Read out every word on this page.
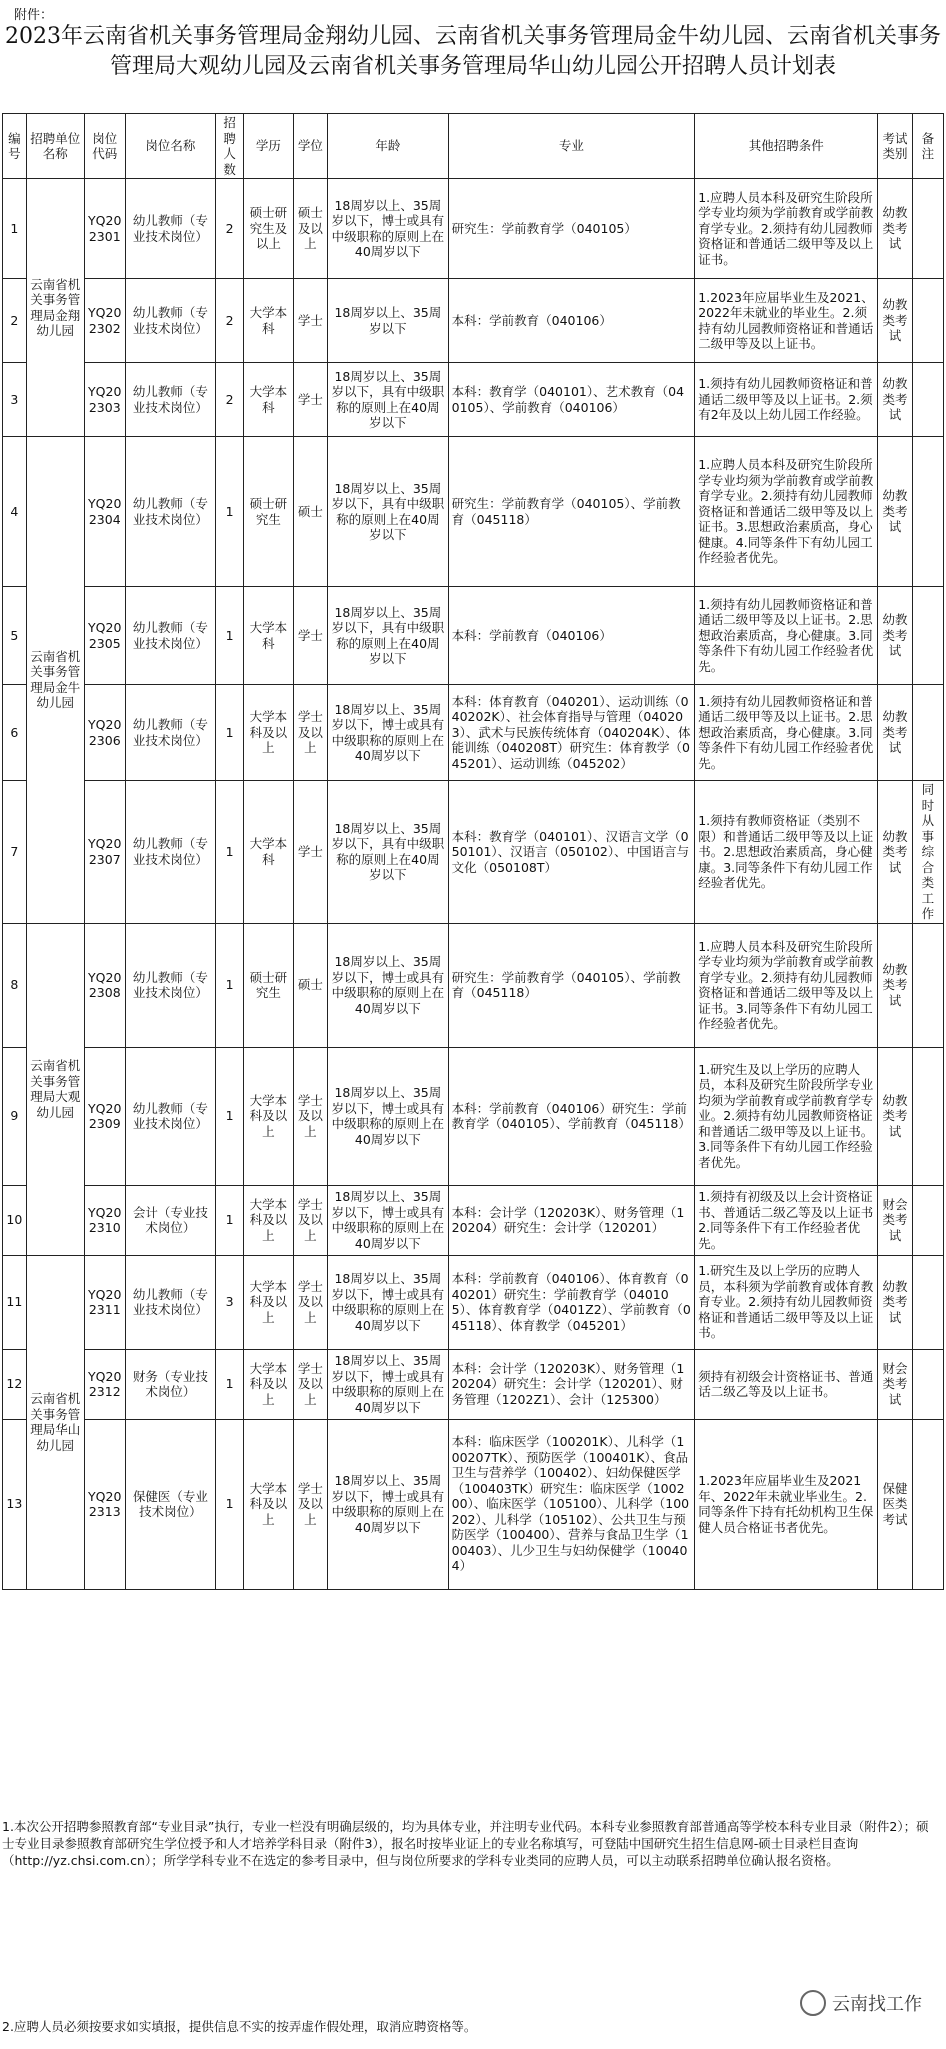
附件：
2023年云南省机关事务管理局金翔幼儿园、云南省机关事务管理局金牛幼儿园、云南省机关事务管理局大观幼儿园及云南省机关事务管理局华山幼儿园公开招聘人员计划表
编号	招聘单位名称	岗位代码	岗位名称	招聘人数	学历	学位	年龄	专业	其他招聘条件	考试类别	备注
1	云南省机关事务管理局金翔幼儿园	YQ202301	幼儿教师（专业技术岗位）	2	硕士研究生及以上	硕士及以上	18周岁以上、35周岁以下，博士或具有中级职称的原则上在40周岁以下	研究生：学前教育学（040105）	1.应聘人员本科及研究生阶段所学专业均须为学前教育或学前教育学专业。2.须持有幼儿园教师资格证和普通话二级甲等及以上证书。	幼教类考试	
2		YQ202302	幼儿教师（专业技术岗位）	2	大学本科	学士	18周岁以上、35周岁以下	本科：学前教育（040106）	1.2023年应届毕业生及2021、2022年未就业的毕业生。2.须持有幼儿园教师资格证和普通话二级甲等及以上证书。	幼教类考试	
3		YQ202303	幼儿教师（专业技术岗位）	2	大学本科	学士	18周岁以上、35周岁以下，具有中级职称的原则上在40周岁以下	本科：教育学（040101）、艺术教育（040105）、学前教育（040106）	1.须持有幼儿园教师资格证和普通话二级甲等及以上证书。2.须有2年及以上幼儿园工作经验。	幼教类考试	
4	云南省机关事务管理局金牛幼儿园	YQ202304	幼儿教师（专业技术岗位）	1	硕士研究生	硕士	18周岁以上、35周岁以下，具有中级职称的原则上在40周岁以下	研究生：学前教育学（040105）、学前教育（045118）	1.应聘人员本科及研究生阶段所学专业均须为学前教育或学前教育学专业。2.须持有幼儿园教师资格证和普通话二级甲等及以上证书。3.思想政治素质高，身心健康。4.同等条件下有幼儿园工作经验者优先。	幼教类考试	
5		YQ202305	幼儿教师（专业技术岗位）	1	大学本科	学士	18周岁以上、35周岁以下，具有中级职称的原则上在40周岁以下	本科：学前教育（040106）	1.须持有幼儿园教师资格证和普通话二级甲等及以上证书。2.思想政治素质高，身心健康。3.同等条件下有幼儿园工作经验者优先。	幼教类考试	
6		YQ202306	幼儿教师（专业技术岗位）	1	大学本科及以上	学士及以上	18周岁以上、35周岁以下，博士或具有中级职称的原则上在40周岁以下	本科：体育教育（040201）、运动训练（040202K）、社会体育指导与管理（040203）、武术与民族传统体育（040204K）、体能训练（040208T）研究生：体育教学（045201）、运动训练（045202）	1.须持有幼儿园教师资格证和普通话二级甲等及以上证书。2.思想政治素质高，身心健康。3.同等条件下有幼儿园工作经验者优先。	幼教类考试	
7		YQ202307	幼儿教师（专业技术岗位）	1	大学本科	学士	18周岁以上、35周岁以下，具有中级职称的原则上在40周岁以下	本科：教育学（040101）、汉语言文学（050101）、汉语言（050102）、中国语言与文化（050108T）	1.须持有教师资格证（类别不限）和普通话二级甲等及以上证书。2.思想政治素质高，身心健康。3.同等条件下有幼儿园工作经验者优先。	幼教类考试	同时从事综合类工作
8	云南省机关事务管理局大观幼儿园	YQ202308	幼儿教师（专业技术岗位）	1	硕士研究生	硕士	18周岁以上、35周岁以下，博士或具有中级职称的原则上在40周岁以下	研究生：学前教育学（040105）、学前教育（045118）	1.应聘人员本科及研究生阶段所学专业均须为学前教育或学前教育学专业。2.须持有幼儿园教师资格证和普通话二级甲等及以上证书。3.同等条件下有幼儿园工作经验者优先。	幼教类考试	
9		YQ202309	幼儿教师（专业技术岗位）	1	大学本科及以上	学士及以上	18周岁以上、35周岁以下，博士或具有中级职称的原则上在40周岁以下	本科：学前教育（040106）研究生：学前教育学（040105）、学前教育（045118）	1.研究生及以上学历的应聘人员，本科及研究生阶段所学专业均须为学前教育或学前教育学专业。2.须持有幼儿园教师资格证和普通话二级甲等及以上证书。3.同等条件下有幼儿园工作经验者优先。	幼教类考试	
10		YQ202310	会计（专业技术岗位）	1	大学本科及以上	学士及以上	18周岁以上、35周岁以下，博士或具有中级职称的原则上在40周岁以下	本科：会计学（120203K）、财务管理（120204）研究生：会计学（120201）	1.须持有初级及以上会计资格证书、普通话二级乙等及以上证书2.同等条件下有工作经验者优先。	财会类考试	
11	云南省机关事务管理局华山幼儿园	YQ202311	幼儿教师（专业技术岗位）	3	大学本科及以上	学士及以上	18周岁以上、35周岁以下，博士或具有中级职称的原则上在40周岁以下	本科：学前教育（040106）、体育教育（040201）研究生：学前教育学（040105）、体育教育学（0401Z2）、学前教育（045118）、体育教学（045201）	1.研究生及以上学历的应聘人员，本科须为学前教育或体育教育专业。2.须持有幼儿园教师资格证和普通话二级甲等及以上证书。	幼教类考试	
12		YQ202312	财务（专业技术岗位）	1	大学本科及以上	学士及以上	18周岁以上、35周岁以下，博士或具有中级职称的原则上在40周岁以下	本科：会计学（120203K）、财务管理（120204）研究生：会计学（120201）、财务管理（1202Z1）、会计（125300）	须持有初级会计资格证书、普通话二级乙等及以上证书。	财会类考试	
13		YQ202313	保健医（专业技术岗位）	1	大学本科及以上	学士及以上	18周岁以上、35周岁以下，博士或具有中级职称的原则上在40周岁以下	本科：临床医学（100201K）、儿科学（100207TK）、预防医学（100401K）、食品卫生与营养学（100402）、妇幼保健医学（100403TK）研究生：临床医学（100200）、临床医学（105100）、儿科学（100202）、儿科学（105102）、公共卫生与预防医学（100400）、营养与食品卫生学（100403）、儿少卫生与妇幼保健学（100404）	1.2023年应届毕业生及2021年、2022年未就业毕业生。2.同等条件下持有托幼机构卫生保健人员合格证书者优先。	保健医类考试	
1.本次公开招聘参照教育部“专业目录”执行，专业一栏没有明确层级的，均为具体专业，并注明专业代码。本科专业参照教育部普通高等学校本科专业目录（附件2）；硕士专业目录参照教育部研究生学位授予和人才培养学科目录（附件3），报名时按毕业证上的专业名称填写，可登陆中国研究生招生信息网-硕士目录栏目查询（http://yz.chsi.com.cn）；所学学科专业不在选定的参考目录中，但与岗位所要求的学科专业类同的应聘人员，可以主动联系招聘单位确认报名资格。
云南找工作
2.应聘人员必须按要求如实填报，提供信息不实的按弄虚作假处理，取消应聘资格等。
